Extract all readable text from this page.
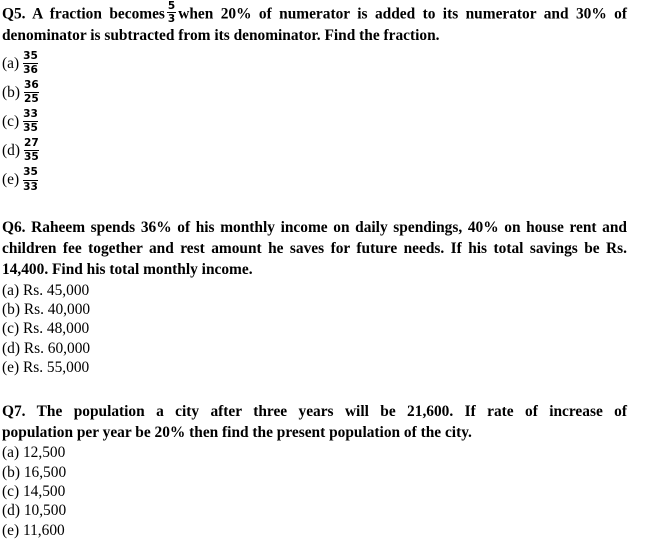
Q5. A fraction becomes $\frac{5}{3}$ when 20% of numerator is added to its numerator and 30% of denominator is subtracted from its denominator. Find the fraction.

$(a) \frac{35}{36}$
$(b) \frac{36}{25}$
$(c) \frac{33}{35}$
$(d) \frac{27}{35}$
$(e) \frac{35}{33}$

Q6. Raheem spends 36% of his monthly income on daily spendings, 40% on house rent and children fee together and rest amount he saves for future needs. If his total savings be Rs. 14,400. Find his total monthly income.

(a) Rs. 45,000
(b) Rs. 40,000
(c) Rs. 48,000
(d) Rs. 60,000
(e) Rs. 55,000

Q7. The population a city after three years will be 21,600. If rate of increase of

population per year be 20% then find the present population of the city.

(a) 12,500
(b) 16,500
(c) 14,500
(d) 10,500
(e) 11,600
